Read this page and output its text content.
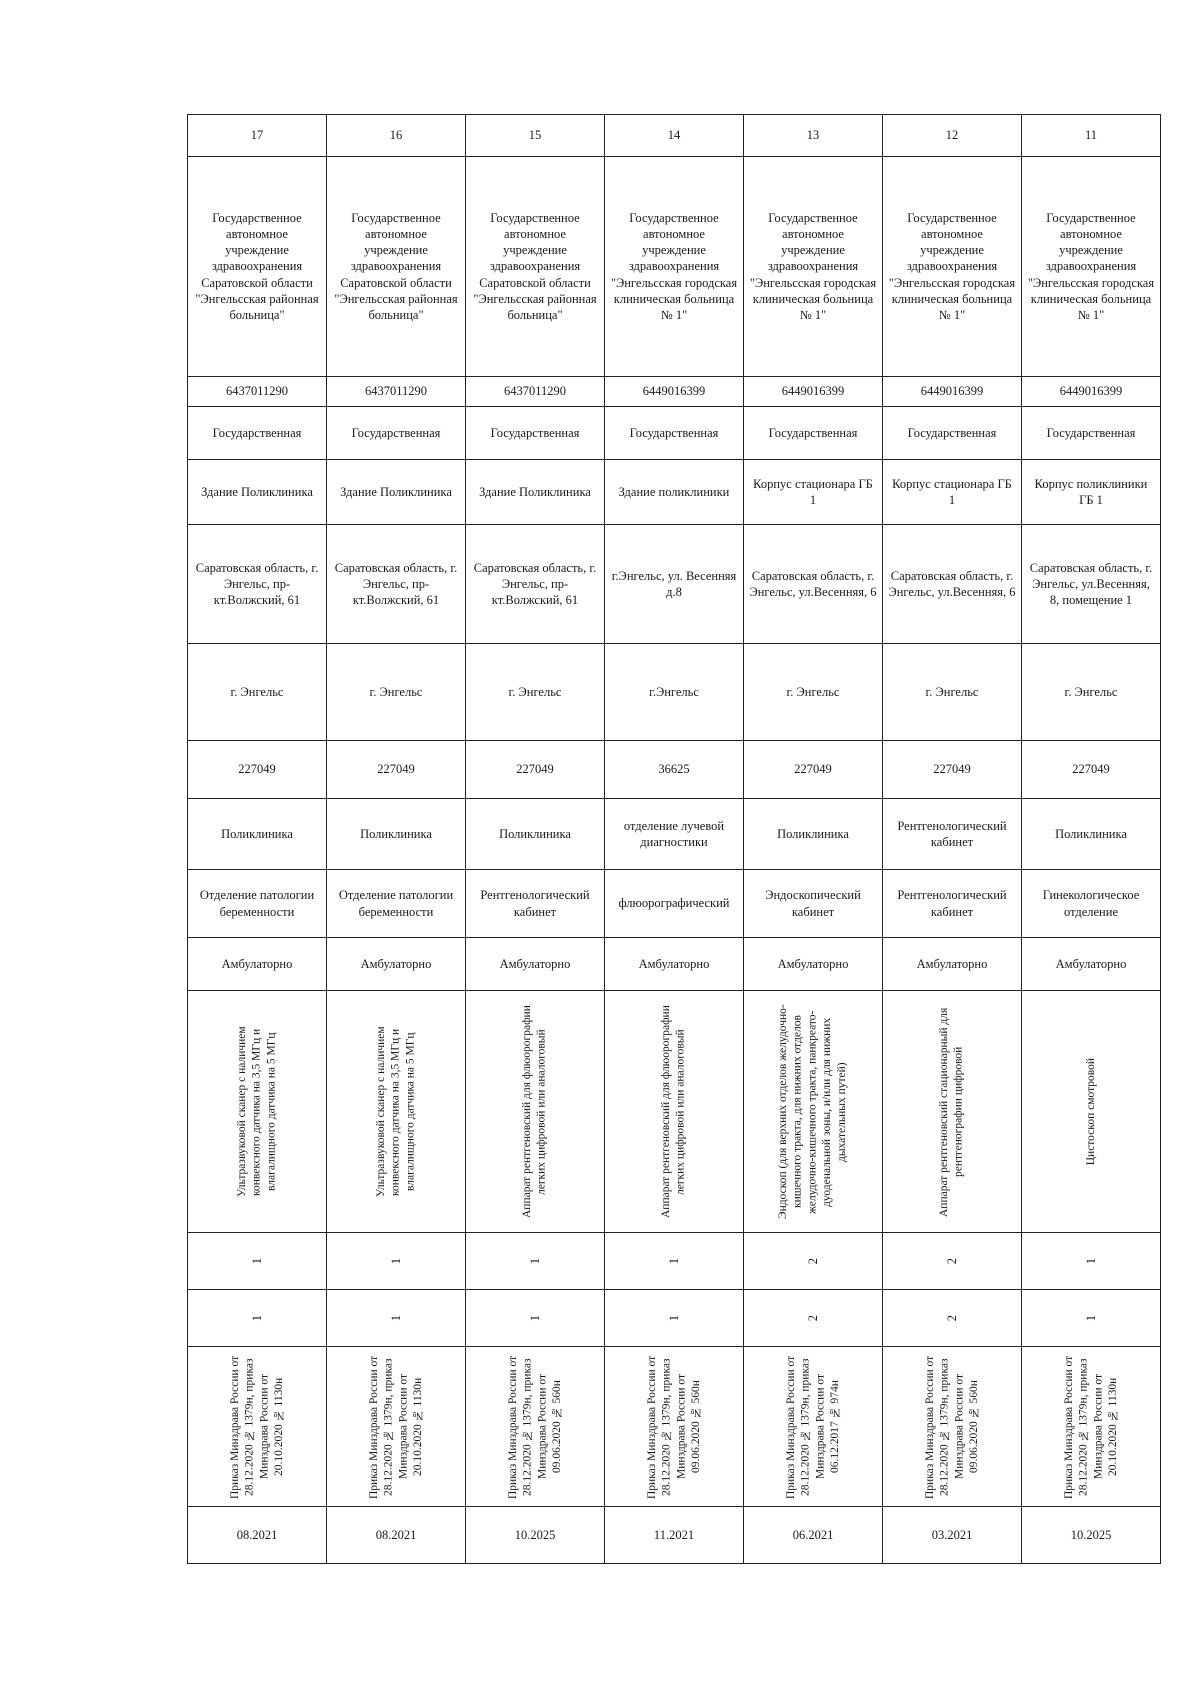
17	16	15	14	13	12	11
Государственное автономное учреждение здравоохранения Саратовской области "Энгельсская районная больница"	Государственное автономное учреждение здравоохранения Саратовской области "Энгельсская районная больница"	Государственное автономное учреждение здравоохранения Саратовской области "Энгельсская районная больница"	Государственное автономное учреждение здравоохранения "Энгельсская городская клиническая больница № 1"	Государственное автономное учреждение здравоохранения "Энгельсская городская клиническая больница № 1"	Государственное автономное учреждение здравоохранения "Энгельсская городская клиническая больница № 1"	Государственное автономное учреждение здравоохранения "Энгельсская городская клиническая больница № 1"
6437011290	6437011290	6437011290	6449016399	6449016399	6449016399	6449016399
Государственная	Государственная	Государственная	Государственная	Государственная	Государственная	Государственная
Здание Поликлиника	Здание Поликлиника	Здание Поликлиника	Здание поликлиники	Корпус стационара ГБ 1	Корпус стационара ГБ 1	Корпус поликлиники ГБ 1
Саратовская область, г. Энгельс, пр-кт.Волжский, 61	Саратовская область, г. Энгельс, пр-кт.Волжский, 61	Саратовская область, г. Энгельс, пр-кт.Волжский, 61	г.Энгельс, ул. Весенняя д.8	Саратовская область, г. Энгельс, ул.Весенняя, 6	Саратовская область, г. Энгельс, ул.Весенняя, 6	Саратовская область, г. Энгельс, ул.Весенняя, 8, помещение 1
г. Энгельс	г. Энгельс	г. Энгельс	г.Энгельс	г. Энгельс	г. Энгельс	г. Энгельс
227049	227049	227049	36625	227049	227049	227049
Поликлиника	Поликлиника	Поликлиника	отделение лучевой диагностики	Поликлиника	Рентгенологический кабинет	Поликлиника
Отделение патологии беременности	Отделение патологии беременности	Рентгенологический кабинет	флюорографический	Эндоскопический кабинет	Рентгенологический кабинет	Гинекологическое отделение
Амбулаторно	Амбулаторно	Амбулаторно	Амбулаторно	Амбулаторно	Амбулаторно	Амбулаторно

Ультразвуковой сканер с наличием конвексного датчика на 3,5 МГц и влагалищного датчика на 5 МГц	Ультразвуковой сканер с наличием конвексного датчика на 3,5 МГц и влагалищного датчика на 5 МГц	Аппарат рентгеновский для флюорографии легких цифровой или аналоговый	Аппарат рентгеновский для флюорографии легких цифровой или аналоговый	Эндоскоп (для верхних отделов желудочно- кишечного тракта, для нижних отделов желудочно-кишечного тракта, панкреато-дуоденальной зоны, и/или для нижних дыхательных путей)	Аппарат рентгеновский стационарный для рентгенографии цифровой	Цистоскоп смотровой

1	1	1	1	2	2	1

1	1	1	1	2	2	1

Приказ Минздрава России от 28.12.2020 № 1379н, приказ Минздрава России от 20.10.2020 № 1130н	Приказ Минздрава России от 28.12.2020 № 1379н, приказ Минздрава России от 20.10.2020 № 1130н	Приказ Минздрава России от 28.12.2020 № 1379н, приказ Минздрава России от 09.06.2020 № 560н	Приказ Минздрава России от 28.12.2020 № 1379н, приказ Минздрава России от 09.06.2020 № 560н	Приказ Минздрава России от 28.12.2020 № 1379н, приказ Минздрава России от 06.12.2017 № 974н	Приказ Минздрава России от 28.12.2020 № 1379н, приказ Минздрава России от 09.06.2020 № 560н	Приказ Минздрава России от 28.12.2020 № 1379н, приказ Минздрава России от 20.10.2020 № 1130н

08.2021	08.2021	10.2025	11.2021	06.2021	03.2021	10.2025
